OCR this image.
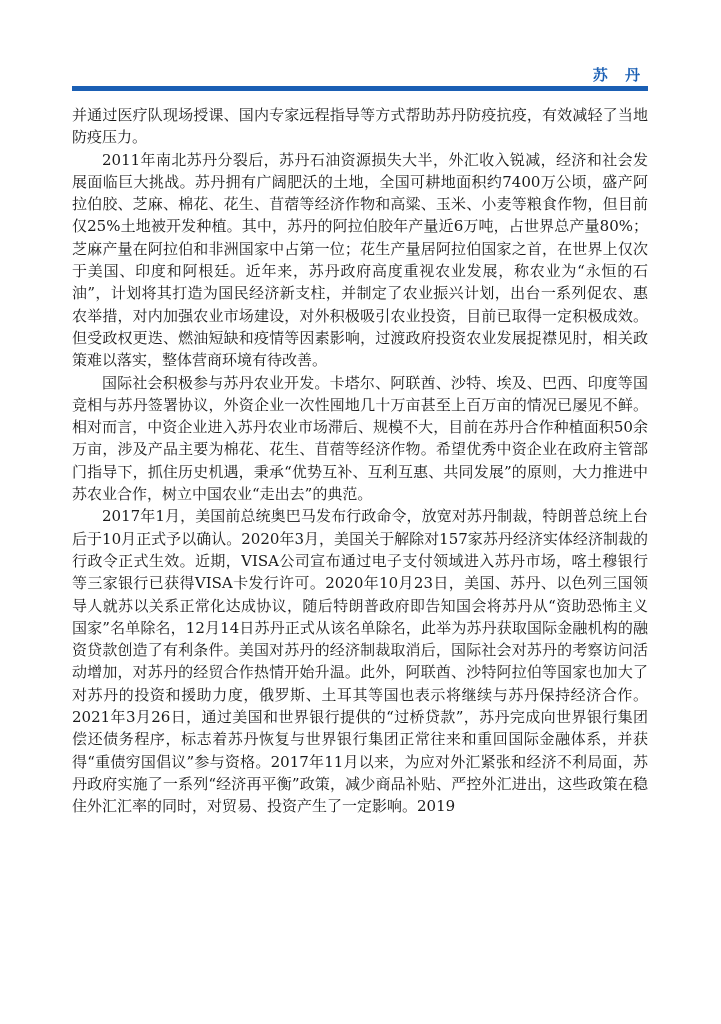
苏 丹

并通过医疗队现场授课、国内专家远程指导等方式帮助苏丹防疫抗疫，有效减轻了当地防疫压力。

2011年南北苏丹分裂后，苏丹石油资源损失大半，外汇收入锐减，经济和社会发展面临巨大挑战。苏丹拥有广阔肥沃的土地，全国可耕地面积约7400万公顷，盛产阿拉伯胶、芝麻、棉花、花生、苜蓿等经济作物和高粱、玉米、小麦等粮食作物，但目前仅25%土地被开发种植。其中，苏丹的阿拉伯胶年产量近6万吨，占世界总产量80%；芝麻产量在阿拉伯和非洲国家中占第一位；花生产量居阿拉伯国家之首，在世界上仅次于美国、印度和阿根廷。近年来，苏丹政府高度重视农业发展，称农业为“永恒的石油”，计划将其打造为国民经济新支柱，并制定了农业振兴计划，出台一系列促农、惠农举措，对内加强农业市场建设，对外积极吸引农业投资，目前已取得一定积极成效。但受政权更迭、燃油短缺和疫情等因素影响，过渡政府投资农业发展捉襟见肘，相关政策难以落实，整体营商环境有待改善。

国际社会积极参与苏丹农业开发。卡塔尔、阿联酋、沙特、埃及、巴西、印度等国竞相与苏丹签署协议，外资企业一次性囤地几十万亩甚至上百万亩的情况已屡见不鲜。相对而言，中资企业进入苏丹农业市场滞后、规模不大，目前在苏丹合作种植面积50余万亩，涉及产品主要为棉花、花生、苜蓿等经济作物。希望优秀中资企业在政府主管部门指导下，抓住历史机遇，秉承“优势互补、互利互惠、共同发展”的原则，大力推进中苏农业合作，树立中国农业“走出去”的典范。

2017年1月，美国前总统奥巴马发布行政命令，放宽对苏丹制裁，特朗普总统上台后于10月正式予以确认。2020年3月，美国关于解除对157家苏丹经济实体经济制裁的行政令正式生效。近期，VISA公司宣布通过电子支付领域进入苏丹市场，喀土穆银行等三家银行已获得VISA卡发行许可。2020年10月23日，美国、苏丹、以色列三国领导人就苏以关系正常化达成协议，随后特朗普政府即告知国会将苏丹从“资助恐怖主义国家”名单除名，12月14日苏丹正式从该名单除名，此举为苏丹获取国际金融机构的融资贷款创造了有利条件。美国对苏丹的经济制裁取消后，国际社会对苏丹的考察访问活动增加，对苏丹的经贸合作热情开始升温。此外，阿联酋、沙特阿拉伯等国家也加大了对苏丹的投资和援助力度，俄罗斯、土耳其等国也表示将继续与苏丹保持经济合作。2021年3月26日，通过美国和世界银行提供的“过桥贷款”，苏丹完成向世界银行集团偿还债务程序，标志着苏丹恢复与世界银行集团正常往来和重回国际金融体系，并获得“重债穷国倡议”参与资格。2017年11月以来，为应对外汇紧张和经济不利局面，苏丹政府实施了一系列“经济再平衡”政策，减少商品补贴、严控外汇进出，这些政策在稳住外汇汇率的同时，对贸易、投资产生了一定影响。2019
